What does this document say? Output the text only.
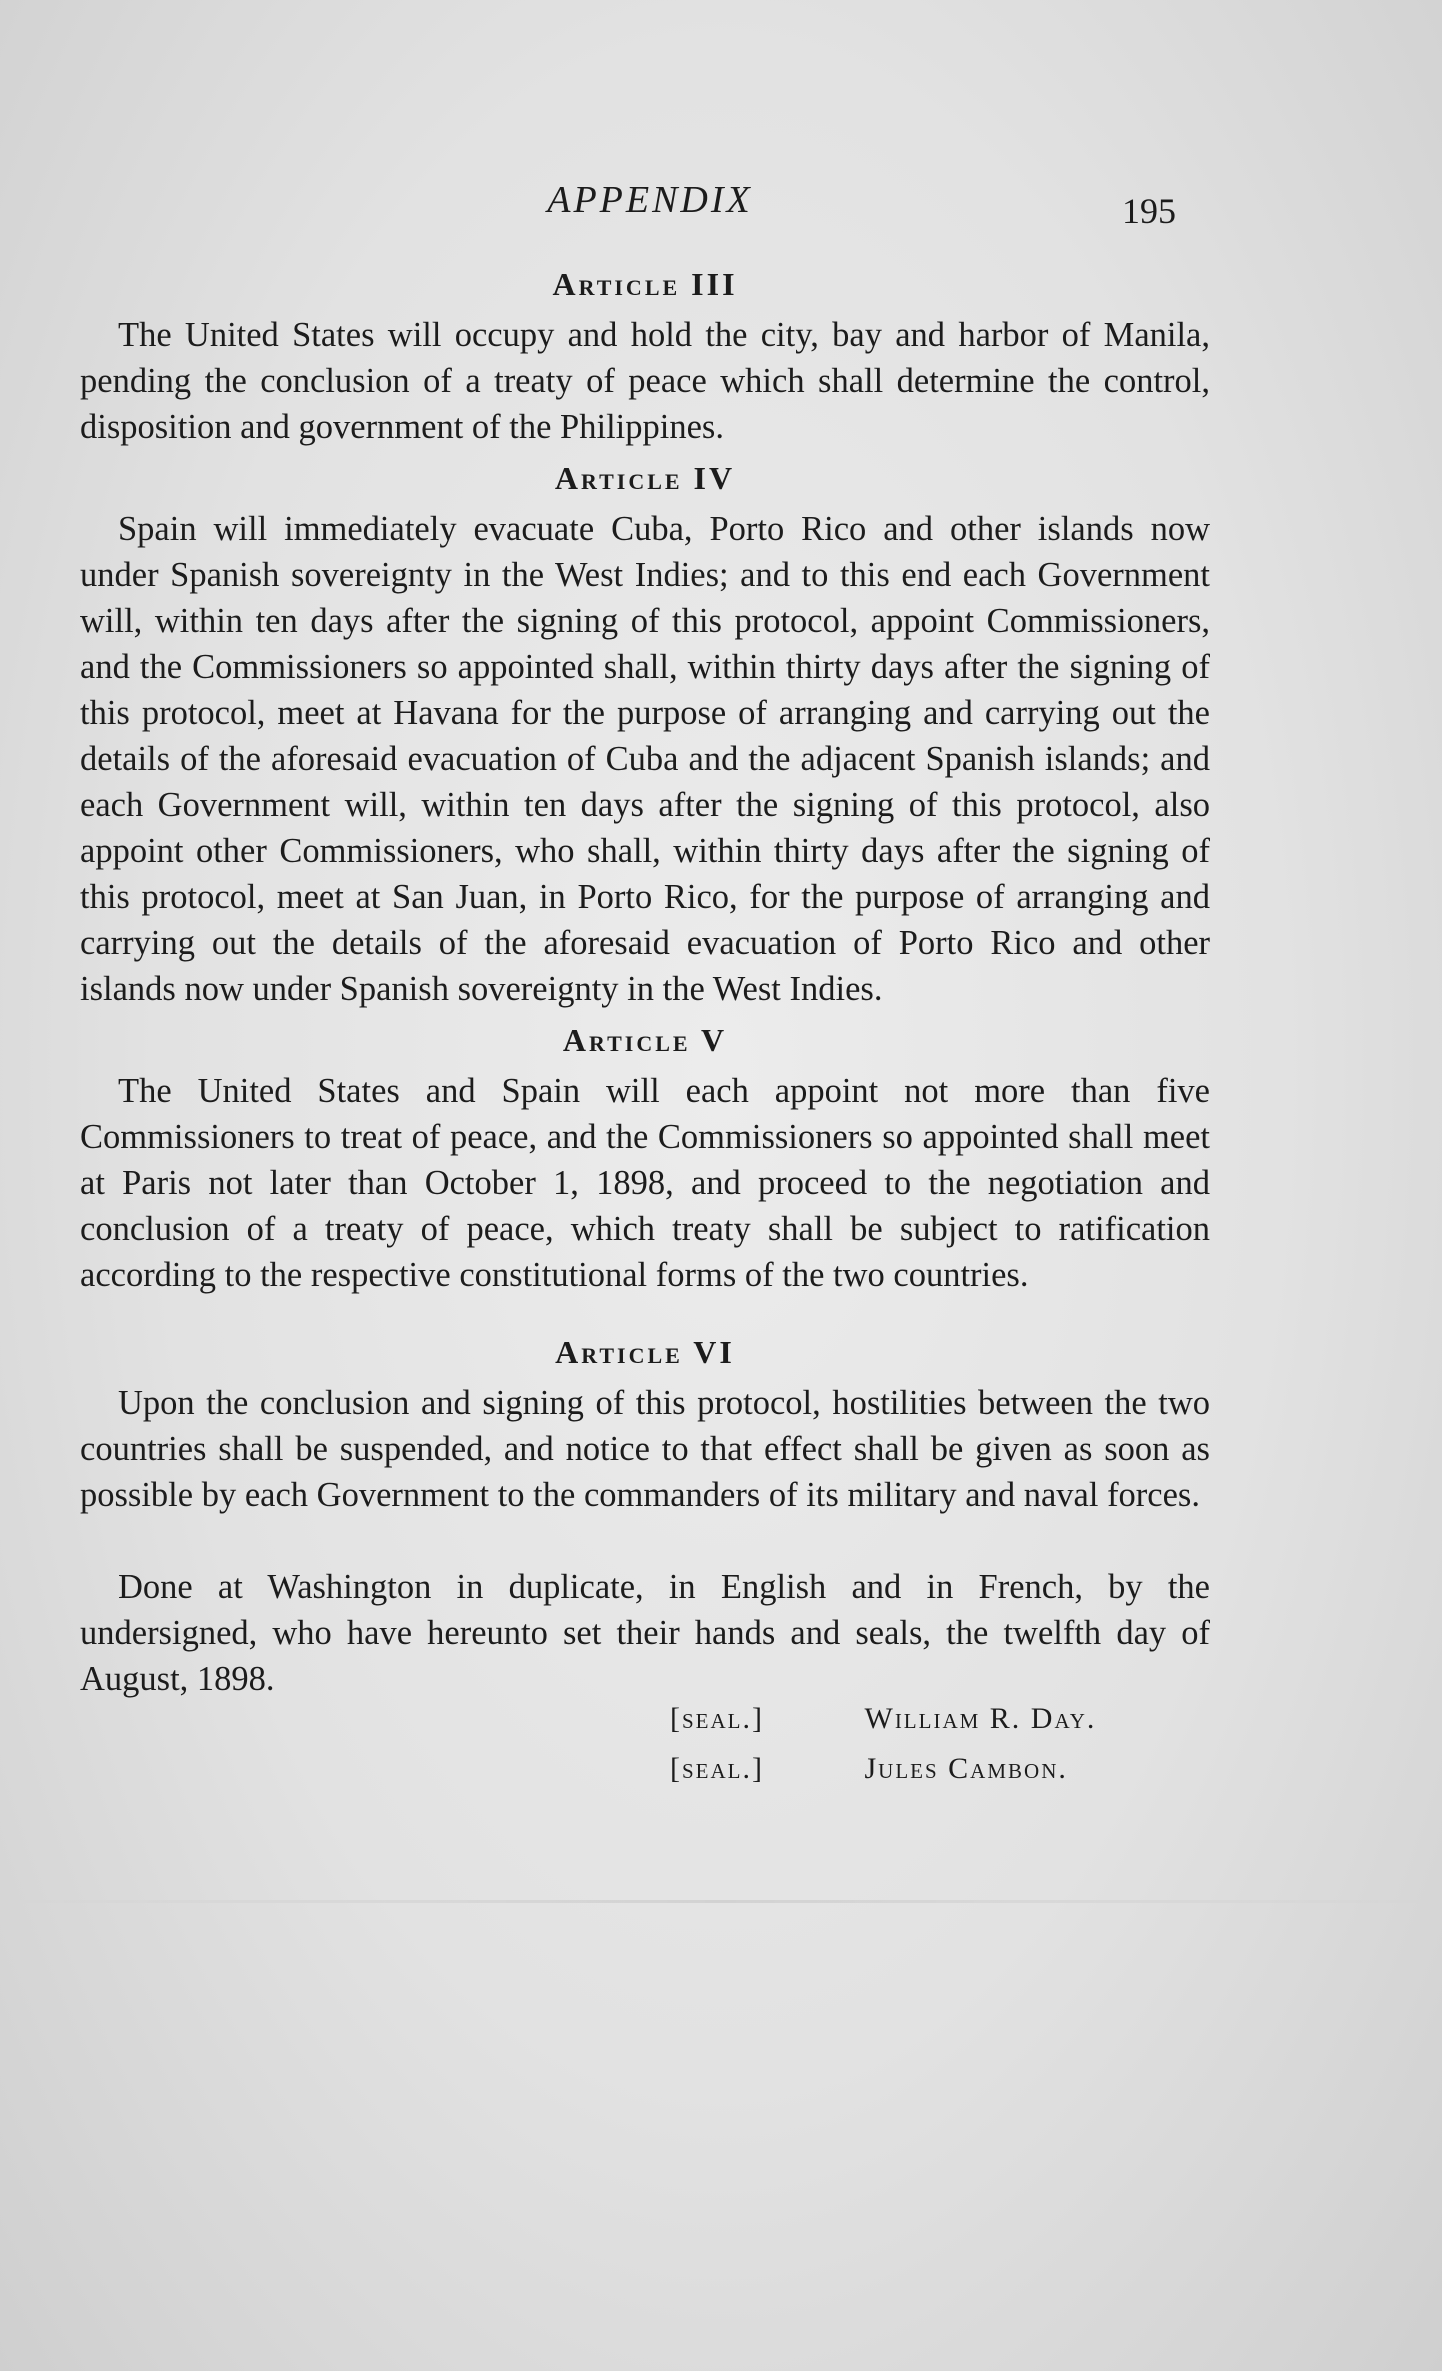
APPENDIX	195
Article III

The United States will occupy and hold the city, bay and harbor of Manila, pending the conclusion of a treaty of peace which shall determine the control, disposition and government of the Philippines.

Article IV

Spain will immediately evacuate Cuba, Porto Rico and other islands now under Spanish sovereignty in the West Indies; and to this end each Government will, within ten days after the signing of this protocol, appoint Commissioners, and the Commissioners so appointed shall, within thirty days after the signing of this protocol, meet at Havana for the purpose of arranging and carrying out the details of the aforesaid evacuation of Cuba and the adjacent Spanish islands; and each Government will, within ten days after the signing of this protocol, also appoint other Commissioners, who shall, within thirty days after the signing of this protocol, meet at San Juan, in Porto Rico, for the purpose of arranging and carrying out the details of the aforesaid evacuation of Porto Rico and other islands now under Spanish sovereignty in the West Indies.

Article V

The United States and Spain will each appoint not more than five Commissioners to treat of peace, and the Commissioners so appointed shall meet at Paris not later than October 1, 1898, and proceed to the negotiation and conclusion of a treaty of peace, which treaty shall be subject to ratification according to the respective constitutional forms of the two countries.

Article VI

Upon the conclusion and signing of this protocol, hostilities between the two countries shall be suspended, and notice to that effect shall be given as soon as possible by each Government to the commanders of its military and naval forces.

Done at Washington in duplicate, in English and in French, by the undersigned, who have hereunto set their hands and seals, the twelfth day of August, 1898.

[seal.]	William R. Day.
[seal.]	Jules Cambon.
